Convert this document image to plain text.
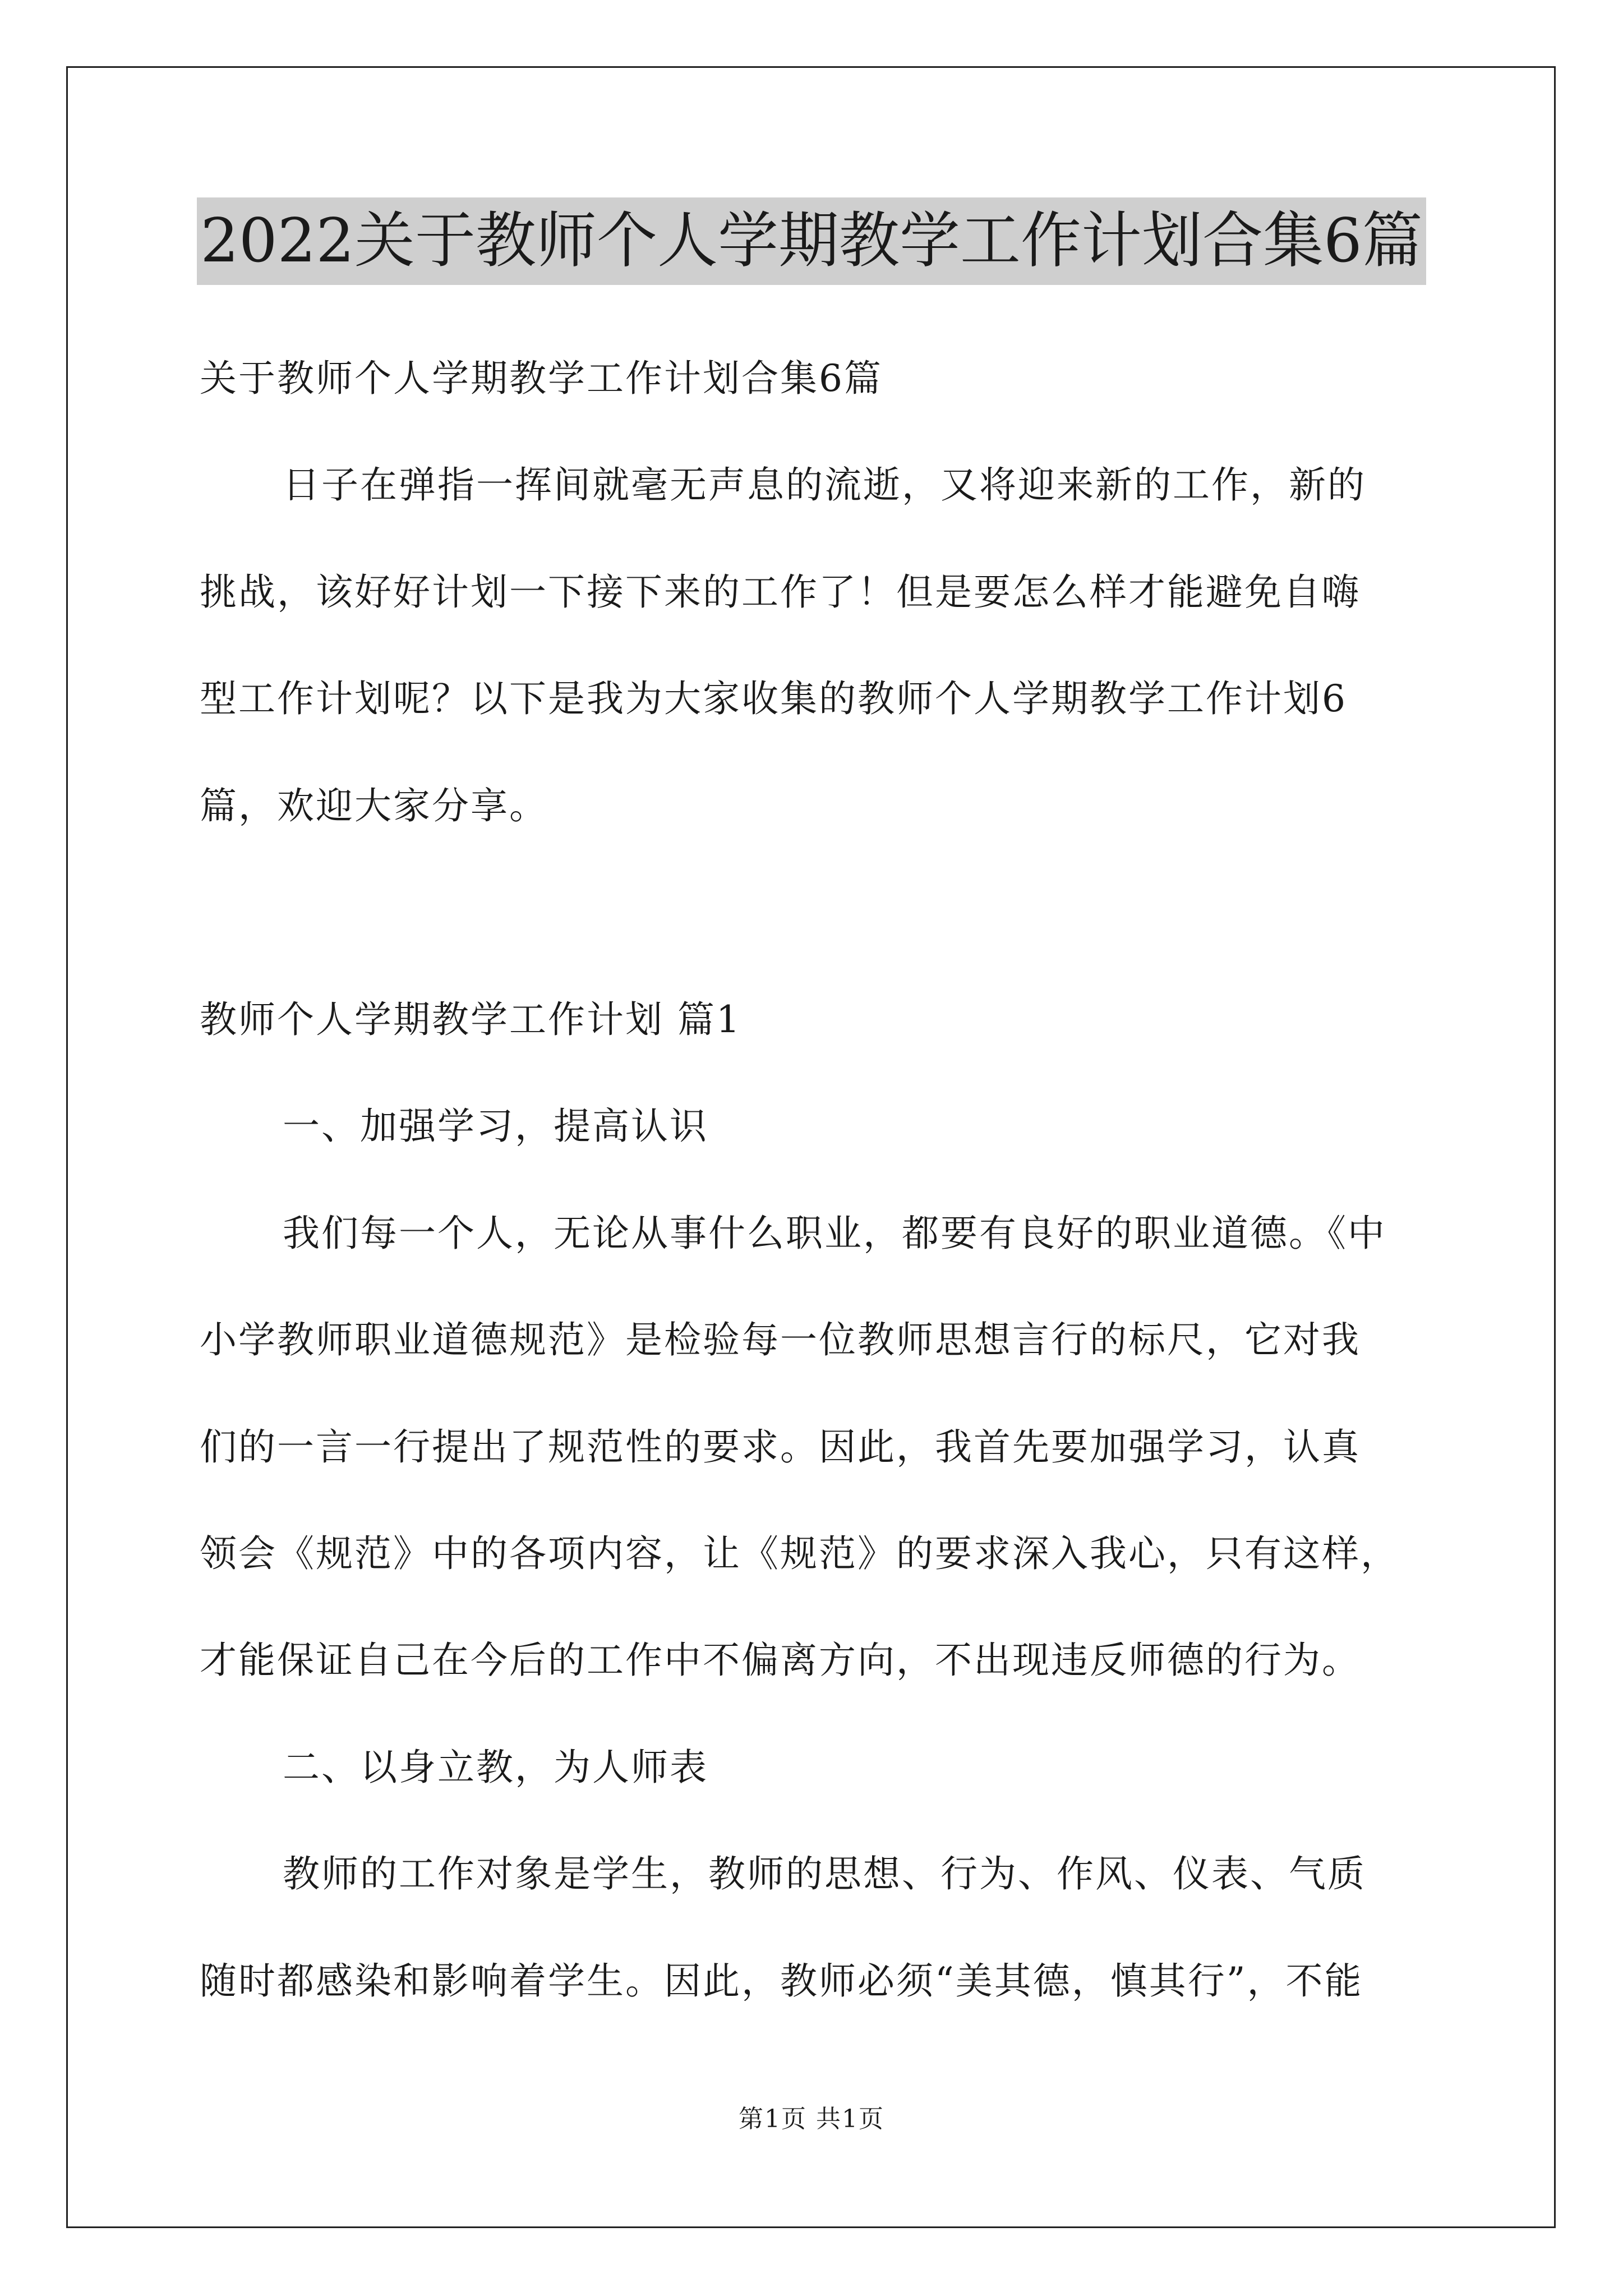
2022关于教师个人学期教学工作计划合集6篇
关于教师个人学期教学工作计划合集6篇
日子在弹指一挥间就毫无声息的流逝，又将迎来新的工作，新的
挑战，该好好计划一下接下来的工作了！但是要怎么样才能避免自嗨
型工作计划呢？以下是我为大家收集的教师个人学期教学工作计划6
篇，欢迎大家分享。
教师个人学期教学工作计划 篇1
一、加强学习，提高认识
我们每一个人，无论从事什么职业，都要有良好的职业道德。《中
小学教师职业道德规范》是检验每一位教师思想言行的标尺，它对我
们的一言一行提出了规范性的要求。因此，我首先要加强学习，认真
领会《规范》中的各项内容，让《规范》的要求深入我心，只有这样，
才能保证自己在今后的工作中不偏离方向，不出现违反师德的行为。
二、以身立教，为人师表
教师的工作对象是学生，教师的思想、行为、作风、仪表、气质
随时都感染和影响着学生。因此，教师必须“美其德，慎其行”，不能
第1页 共1页
